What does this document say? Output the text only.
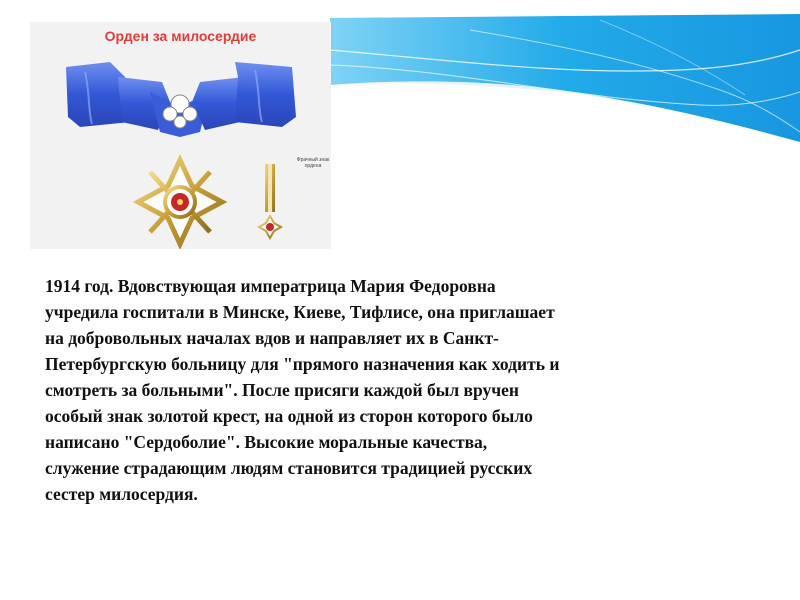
Орден за милосердие
Фрачный знак ордена
1914 год. Вдовствующая императрица Мария Федоровна
учредила госпитали в Минске, Киеве, Тифлисе, она приглашает
на добровольных началах вдов и направляет их в Санкт-
Петербургскую больницу для "прямого назначения как ходить и
смотреть за больными". После присяги каждой был вручен
особый знак золотой крест, на одной из сторон которого было
написано "Сердоболие". Высокие моральные качества,
служение страдающим людям становится традицией русских
сестер милосердия.
